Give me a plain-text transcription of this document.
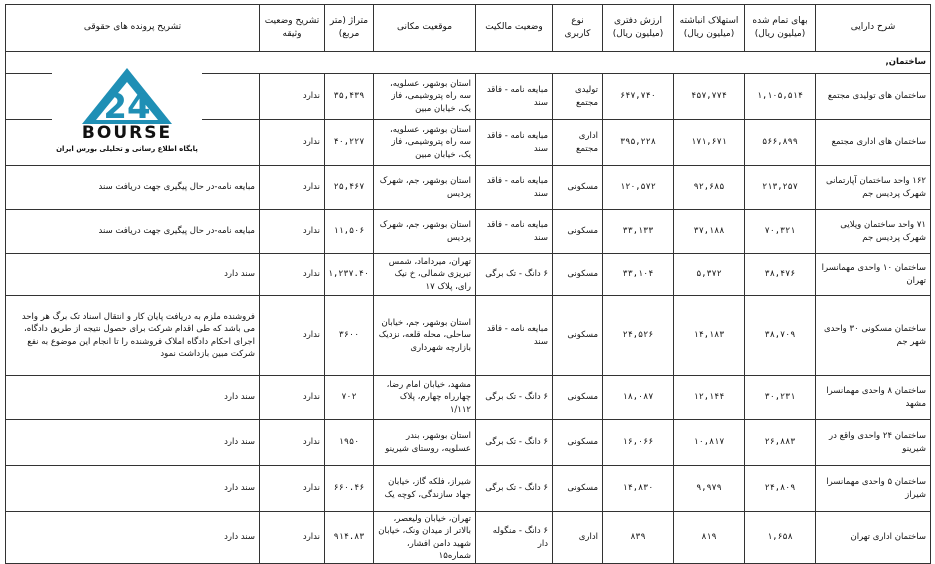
شرح دارایی	بهای تمام شده (میلیون ریال)	استهلاک انباشته (میلیون ریال)	ارزش دفتری (میلیون ریال)	نوع کاربری	وضعیت مالکیت	موقعیت مکانی	متراژ (متر مربع)	تشریح وضعیت وثیقه	تشریح پرونده های حقوقی
ساختمان,									
ساختمان های تولیدی مجتمع	۱,۱۰۵,۵۱۴	۴۵۷,۷۷۴	۶۴۷,۷۴۰	تولیدی مجتمع	مبایعه نامه - فاقد سند	استان بوشهر، عسلویه، سه راه پتروشیمی، فاز یک، خیابان مبین	۳۵,۴۳۹	ندارد	
ساختمان های اداری مجتمع	۵۶۶,۸۹۹	۱۷۱,۶۷۱	۳۹۵,۲۲۸	اداری مجتمع	مبایعه نامه - فاقد سند	استان بوشهر، عسلویه، سه راه پتروشیمی، فاز یک، خیابان مبین	۴۰,۲۲۷	ندارد	
۱۶۲ واحد ساختمان آپارتمانی شهرک پردیس جم	۲۱۳,۲۵۷	۹۲,۶۸۵	۱۲۰,۵۷۲	مسکونی	مبایعه نامه - فاقد سند	استان بوشهر، جم، شهرک پردیس	۲۵,۴۶۷	ندارد	مبایعه نامه-در حال پیگیری جهت دریافت سند
۷۱ واحد ساختمان ویلایی شهرک پردیس جم	۷۰,۳۲۱	۳۷,۱۸۸	۳۳,۱۳۳	مسکونی	مبایعه نامه - فاقد سند	استان بوشهر، جم، شهرک پردیس	۱۱,۵۰۶	ندارد	مبایعه نامه-در حال پیگیری جهت دریافت سند
ساختمان ۱۰ واحدی مهمانسرا تهران	۳۸,۴۷۶	۵,۳۷۲	۳۳,۱۰۴	مسکونی	۶ دانگ - تک برگی	تهران، میرداماد، شمس تبریزی شمالی، خ نیک رای، پلاک ۱۷	۱,۲۳۷.۴۰	ندارد	سند دارد
ساختمان مسکونی ۳۰ واحدی شهر جم	۳۸,۷۰۹	۱۴,۱۸۳	۲۴,۵۲۶	مسکونی	مبایعه نامه - فاقد سند	استان بوشهر، جم، خیابان ساحلی، محله قلعه، نزدیک بازارچه شهرداری	۳۶۰۰	ندارد	فروشنده ملزم به دریافت پایان کار و انتقال اسناد تک برگ هر واحد می باشد که طی اقدام شرکت برای حصول نتیجه از طریق دادگاه، اجرای احکام دادگاه املاک فروشنده را تا انجام این موضوع به نفع شرکت مبین بازداشت نمود
ساختمان ۸ واحدی مهمانسرا مشهد	۳۰,۲۳۱	۱۲,۱۴۴	۱۸,۰۸۷	مسکونی	۶ دانگ - تک برگی	مشهد، خیابان امام رضا، چهارراه چهارم، پلاک ۱/۱۱۲	۷۰۲	ندارد	سند دارد
ساختمان ۲۴ واحدی واقع در شیرینو	۲۶,۸۸۳	۱۰,۸۱۷	۱۶,۰۶۶	مسکونی	۶ دانگ - تک برگی	استان بوشهر، بندر عسلویه، روستای شیرینو	۱۹۵۰	ندارد	سند دارد
ساختمان ۵ واحدی مهمانسرا شیراز	۲۴,۸۰۹	۹,۹۷۹	۱۴,۸۳۰	مسکونی	۶ دانگ - تک برگی	شیراز، فلکه گاز، خیابان جهاد سازندگی، کوچه یک	۶۶۰.۴۶	ندارد	سند دارد
ساختمان اداری تهران	۱,۶۵۸	۸۱۹	۸۳۹	اداری	۶ دانگ - منگوله دار	تهران، خیابان ولیعصر، بالاتر از میدان ونک، خیابان شهید دامن افشار، شماره۱۵	۹۱۴.۸۳	ندارد	سند دارد
24
BOURSE
پایگاه اطلاع رسانی و تحلیلی بورس ایران
